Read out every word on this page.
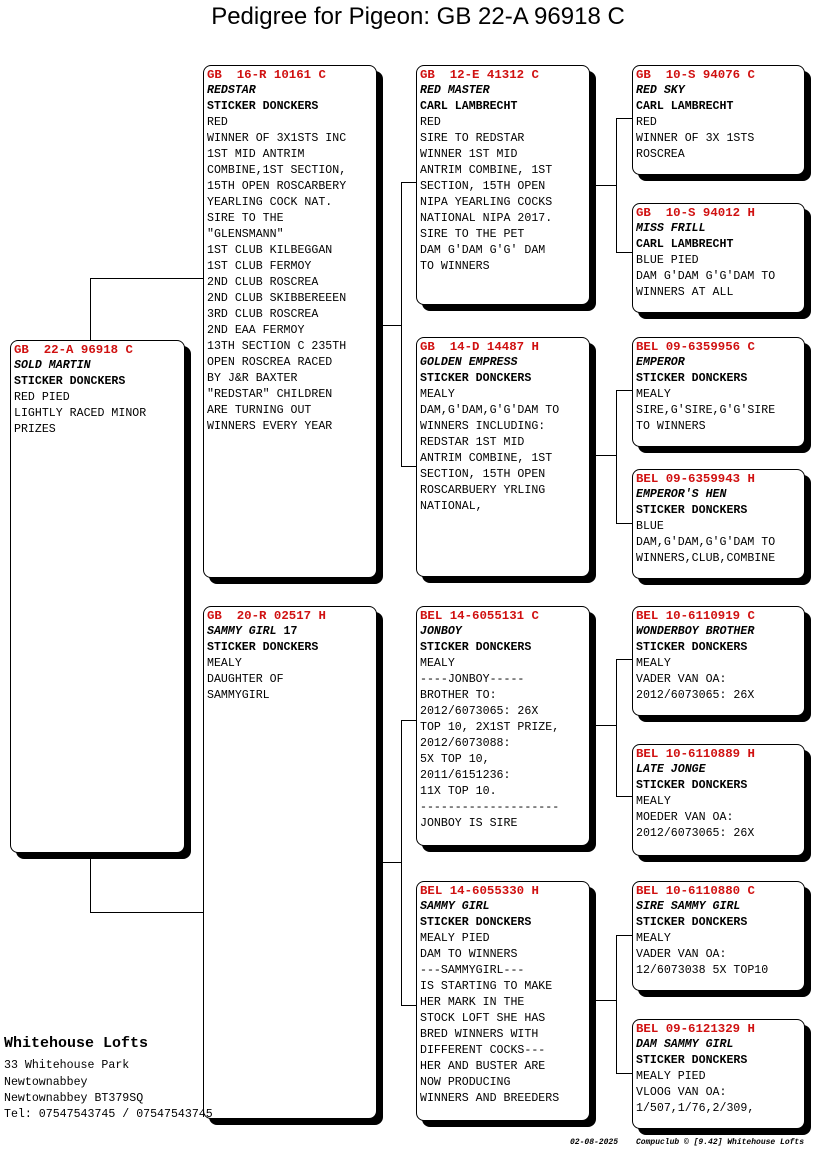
Pedigree for Pigeon: GB 22-A 96918 C
GB  22-A 96918 C
SOLD MARTIN
STICKER DONCKERS
RED PIED
LIGHTLY RACED MINOR
PRIZES
GB  16-R 10161 C
REDSTAR
STICKER DONCKERS
RED
WINNER OF 3X1STS INC
1ST MID ANTRIM
COMBINE,1ST SECTION,
15TH OPEN ROSCARBERY
YEARLING COCK NAT.
SIRE TO THE
"GLENSMANN"
1ST CLUB KILBEGGAN
1ST CLUB FERMOY
2ND CLUB ROSCREA
2ND CLUB SKIBBEREEEN
3RD CLUB ROSCREA
2ND EAA FERMOY
13TH SECTION C 235TH
OPEN ROSCREA RACED
BY J&R BAXTER
"REDSTAR" CHILDREN
ARE TURNING OUT
WINNERS EVERY YEAR
GB  20-R 02517 H
SAMMY GIRL 17
STICKER DONCKERS
MEALY
DAUGHTER OF
SAMMYGIRL
GB  12-E 41312 C
RED MASTER
CARL LAMBRECHT
RED
SIRE TO REDSTAR
WINNER 1ST MID
ANTRIM COMBINE, 1ST
SECTION, 15TH OPEN
NIPA YEARLING COCKS
NATIONAL NIPA 2017.
SIRE TO THE PET
DAM G'DAM G'G' DAM
TO WINNERS
GB  14-D 14487 H
GOLDEN EMPRESS
STICKER DONCKERS
MEALY
DAM,G'DAM,G'G'DAM TO
WINNERS INCLUDING:
REDSTAR 1ST MID
ANTRIM COMBINE, 1ST
SECTION, 15TH OPEN
ROSCARBUERY YRLING
NATIONAL,
BEL 14-6055131 C
JONBOY
STICKER DONCKERS
MEALY
----JONBOY-----
BROTHER TO:
2012/6073065: 26X
TOP 10, 2X1ST PRIZE,
2012/6073088:
5X TOP 10,
2011/6151236:
11X TOP 10.
--------------------
JONBOY IS SIRE
BEL 14-6055330 H
SAMMY GIRL
STICKER DONCKERS
MEALY PIED
DAM TO WINNERS
---SAMMYGIRL---
IS STARTING TO MAKE
HER MARK IN THE
STOCK LOFT SHE HAS
BRED WINNERS WITH
DIFFERENT COCKS---
HER AND BUSTER ARE
NOW PRODUCING
WINNERS AND BREEDERS
GB  10-S 94076 C
RED SKY
CARL LAMBRECHT
RED
WINNER OF 3X 1STS
ROSCREA
GB  10-S 94012 H
MISS FRILL
CARL LAMBRECHT
BLUE PIED
DAM G'DAM G'G'DAM TO
WINNERS AT ALL
BEL 09-6359956 C
EMPEROR
STICKER DONCKERS
MEALY
SIRE,G'SIRE,G'G'SIRE
TO WINNERS
BEL 09-6359943 H
EMPEROR'S HEN
STICKER DONCKERS
BLUE
DAM,G'DAM,G'G'DAM TO
WINNERS,CLUB,COMBINE
BEL 10-6110919 C
WONDERBOY BROTHER
STICKER DONCKERS
MEALY
VADER VAN OA:
2012/6073065: 26X
BEL 10-6110889 H
LATE JONGE
STICKER DONCKERS
MEALY
MOEDER VAN OA:
2012/6073065: 26X
BEL 10-6110880 C
SIRE SAMMY GIRL
STICKER DONCKERS
MEALY
VADER VAN OA:
12/6073038 5X TOP10
BEL 09-6121329 H
DAM SAMMY GIRL
STICKER DONCKERS
MEALY PIED
VLOOG VAN OA:
1/507,1/76,2/309,
Whitehouse Lofts
33 Whitehouse Park
Newtownabbey
Newtownabbey BT379SQ
Tel: 07547543745 / 07547543745
02-08-2025 Compuclub © [9.42] Whitehouse Lofts
